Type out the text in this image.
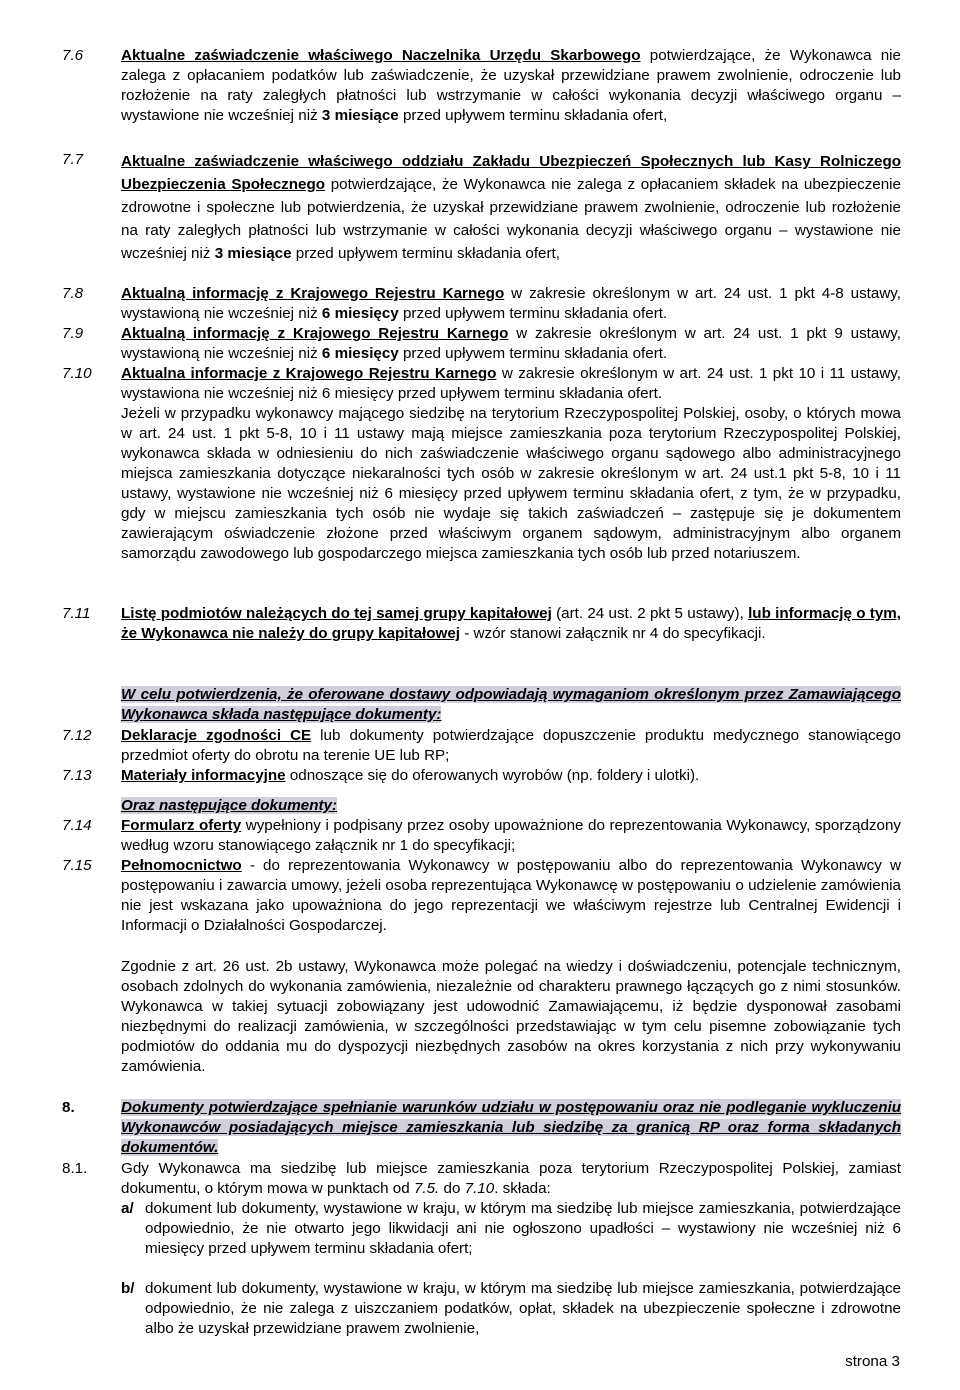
7.6 Aktualne zaświadczenie właściwego Naczelnika Urzędu Skarbowego potwierdzające, że Wykonawca nie zalega z opłacaniem podatków lub zaświadczenie, że uzyskał przewidziane prawem zwolnienie, odroczenie lub rozłożenie na raty zaległych płatności lub wstrzymanie w całości wykonania decyzji właściwego organu – wystawione nie wcześniej niż 3 miesiące przed upływem terminu składania ofert,
7.7 Aktualne zaświadczenie właściwego oddziału Zakładu Ubezpieczeń Społecznych lub Kasy Rolniczego Ubezpieczenia Społecznego potwierdzające, że Wykonawca nie zalega z opłacaniem składek na ubezpieczenie zdrowotne i społeczne lub potwierdzenia, że uzyskał przewidziane prawem zwolnienie, odroczenie lub rozłożenie na raty zaległych płatności lub wstrzymanie w całości wykonania decyzji właściwego organu – wystawione nie wcześniej niż 3 miesiące przed upływem terminu składania ofert,
7.8 Aktualną informację z Krajowego Rejestru Karnego w zakresie określonym w art. 24 ust. 1 pkt 4-8 ustawy, wystawioną nie wcześniej niż 6 miesięcy przed upływem terminu składania ofert.
7.9 Aktualną informację z Krajowego Rejestru Karnego w zakresie określonym w art. 24 ust. 1 pkt 9 ustawy, wystawioną nie wcześniej niż 6 miesięcy przed upływem terminu składania ofert.
7.10 Aktualna informacje z Krajowego Rejestru Karnego w zakresie określonym w art. 24 ust. 1 pkt 10 i 11 ustawy, wystawiona nie wcześniej niż 6 miesięcy przed upływem terminu składania ofert.
Jeżeli w przypadku wykonawcy mającego siedzibę na terytorium Rzeczypospolitej Polskiej, osoby, o których mowa w art. 24 ust. 1 pkt 5-8, 10 i 11 ustawy mają miejsce zamieszkania poza terytorium Rzeczypospolitej Polskiej, wykonawca składa w odniesieniu do nich zaświadczenie właściwego organu sądowego albo administracyjnego miejsca zamieszkania dotyczące niekaralności tych osób w zakresie określonym w art. 24 ust.1 pkt 5-8, 10 i 11 ustawy, wystawione nie wcześniej niż 6 miesięcy przed upływem terminu składania ofert, z tym, że w przypadku, gdy w miejscu zamieszkania tych osób nie wydaje się takich zaświadczeń – zastępuje się je dokumentem zawierającym oświadczenie złożone przed właściwym organem sądowym, administracyjnym albo organem samorządu zawodowego lub gospodarczego miejsca zamieszkania tych osób lub przed notariuszem.
7.11 Listę podmiotów należących do tej samej grupy kapitałowej (art. 24 ust. 2 pkt 5 ustawy), lub informację o tym, że Wykonawca nie należy do grupy kapitałowej - wzór stanowi załącznik nr 4 do specyfikacji.
W celu potwierdzenia, że oferowane dostawy odpowiadają wymaganiom określonym przez Zamawiającego Wykonawca składa następujące dokumenty:
7.12 Deklaracje zgodności CE lub dokumenty potwierdzające dopuszczenie produktu medycznego stanowiącego przedmiot oferty do obrotu na terenie UE lub RP;
7.13 Materiały informacyjne odnoszące się do oferowanych wyrobów (np. foldery i ulotki).
Oraz następujące dokumenty:
7.14 Formularz oferty wypełniony i podpisany przez osoby upoważnione do reprezentowania Wykonawcy, sporządzony według wzoru stanowiącego załącznik nr 1 do specyfikacji;
7.15 Pełnomocnictwo - do reprezentowania Wykonawcy w postępowaniu albo do reprezentowania Wykonawcy w postępowaniu i zawarcia umowy, jeżeli osoba reprezentująca Wykonawcę w postępowaniu o udzielenie zamówienia nie jest wskazana jako upoważniona do jego reprezentacji we właściwym rejestrze lub Centralnej Ewidencji i Informacji o Działalności Gospodarczej.
Zgodnie z art. 26 ust. 2b ustawy, Wykonawca może polegać na wiedzy i doświadczeniu, potencjale technicznym, osobach zdolnych do wykonania zamówienia, niezależnie od charakteru prawnego łączących go z nimi stosunków. Wykonawca w takiej sytuacji zobowiązany jest udowodnić Zamawiającemu, iż będzie dysponował zasobami niezbędnymi do realizacji zamówienia, w szczególności przedstawiając w tym celu pisemne zobowiązanie tych podmiotów do oddania mu do dyspozycji niezbędnych zasobów na okres korzystania z nich przy wykonywaniu zamówienia.
8.	Dokumenty potwierdzające spełnianie warunków udziału w postępowaniu oraz nie podleganie wykluczeniu Wykonawców posiadających miejsce zamieszkania lub siedzibę za granicą RP oraz forma składanych dokumentów.
8.1. Gdy Wykonawca ma siedzibę lub miejsce zamieszkania poza terytorium Rzeczypospolitej Polskiej, zamiast dokumentu, o którym mowa w punktach od 7.5. do 7.10. składa:
a/ dokument lub dokumenty, wystawione w kraju, w którym ma siedzibę lub miejsce zamieszkania, potwierdzające odpowiednio, że nie otwarto jego likwidacji ani nie ogłoszono upadłości – wystawiony nie wcześniej niż 6 miesięcy przed upływem terminu składania ofert;
b/ dokument lub dokumenty, wystawione w kraju, w którym ma siedzibę lub miejsce zamieszkania, potwierdzające odpowiednio, że nie zalega z uiszczaniem podatków, opłat, składek na ubezpieczenie społeczne i zdrowotne albo że uzyskał przewidziane prawem zwolnienie,
strona 3
